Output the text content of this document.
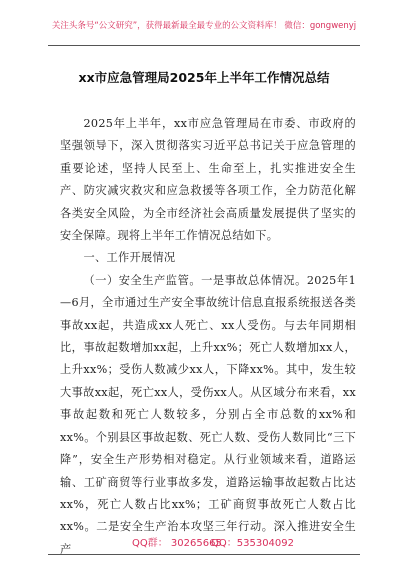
关注头条号“公文研究”，获得最新最全最专业的公文资料库！ 微信：gongwenyj
xx市应急管理局2025年上半年工作情况总结

2025年上半年，xx市应急管理局在市委、市政府的坚强领导下，深入贯彻落实习近平总书记关于应急管理的重要论述，坚持人民至上、生命至上，扎实推进安全生产、防灾减灾救灾和应急救援等各项工作，全力防范化解各类安全风险，为全市经济社会高质量发展提供了坚实的安全保障。现将上半年工作情况总结如下。

一、工作开展情况

（一）安全生产监管。一是事故总体情况。2025年1—6月，全市通过生产安全事故统计信息直报系统报送各类事故xx起，共造成xx人死亡、xx人受伤。与去年同期相比，事故起数增加xx起，上升xx%；死亡人数增加xx人，上升xx%；受伤人数减少xx人，下降xx%。其中，发生较大事故xx起，死亡xx人，受伤xx人。从区域分布来看，xx事故起数和死亡人数较多，分别占全市总数的xx%和xx%。个别县区事故起数、死亡人数、受伤人数同比“三下降”，安全生产形势相对稳定。从行业领域来看，道路运输、工矿商贸等行业事故多发，道路运输事故起数占比达xx%，死亡人数占比xx%；工矿商贸事故死亡人数占比xx%。二是安全生产治本攻坚三年行动。深入推进安全生产	QQ群： 30265665
QQ：535304092
